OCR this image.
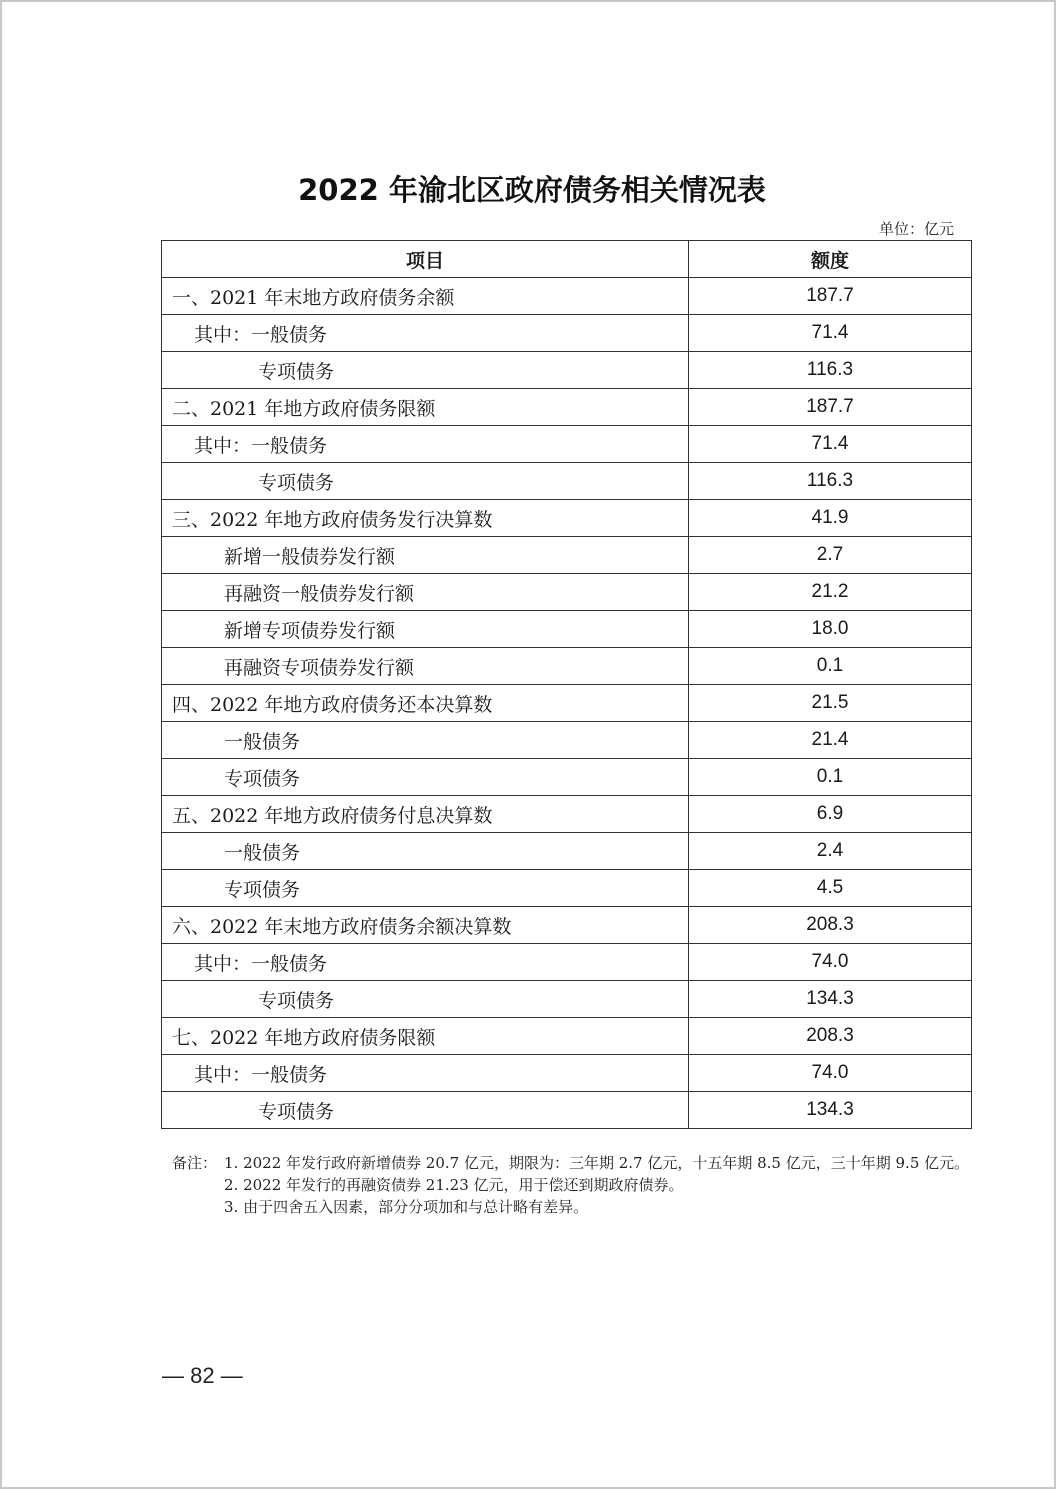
2022 年渝北区政府债务相关情况表
单位：亿元
项目	额度
一、2021 年末地方政府债务余额	187.7
其中：一般债务	71.4
专项债务	116.3
二、2021 年地方政府债务限额	187.7
其中：一般债务	71.4
专项债务	116.3
三、2022 年地方政府债务发行决算数	41.9
新增一般债券发行额	2.7
再融资一般债券发行额	21.2
新增专项债券发行额	18.0
再融资专项债券发行额	0.1
四、2022 年地方政府债务还本决算数	21.5
一般债务	21.4
专项债务	0.1
五、2022 年地方政府债务付息决算数	6.9
一般债务	2.4
专项债务	4.5
六、2022 年末地方政府债务余额决算数	208.3
其中：一般债务	74.0
专项债务	134.3
七、2022 年地方政府债务限额	208.3
其中：一般债务	74.0
专项债务	134.3
备注： 1. 2022 年发行政府新增债券 20.7 亿元，期限为：三年期 2.7 亿元，十五年期 8.5 亿元，三十年期 9.5 亿元。
2. 2022 年发行的再融资债券 21.23 亿元，用于偿还到期政府债券。
3. 由于四舍五入因素，部分分项加和与总计略有差异。
— 82 —
